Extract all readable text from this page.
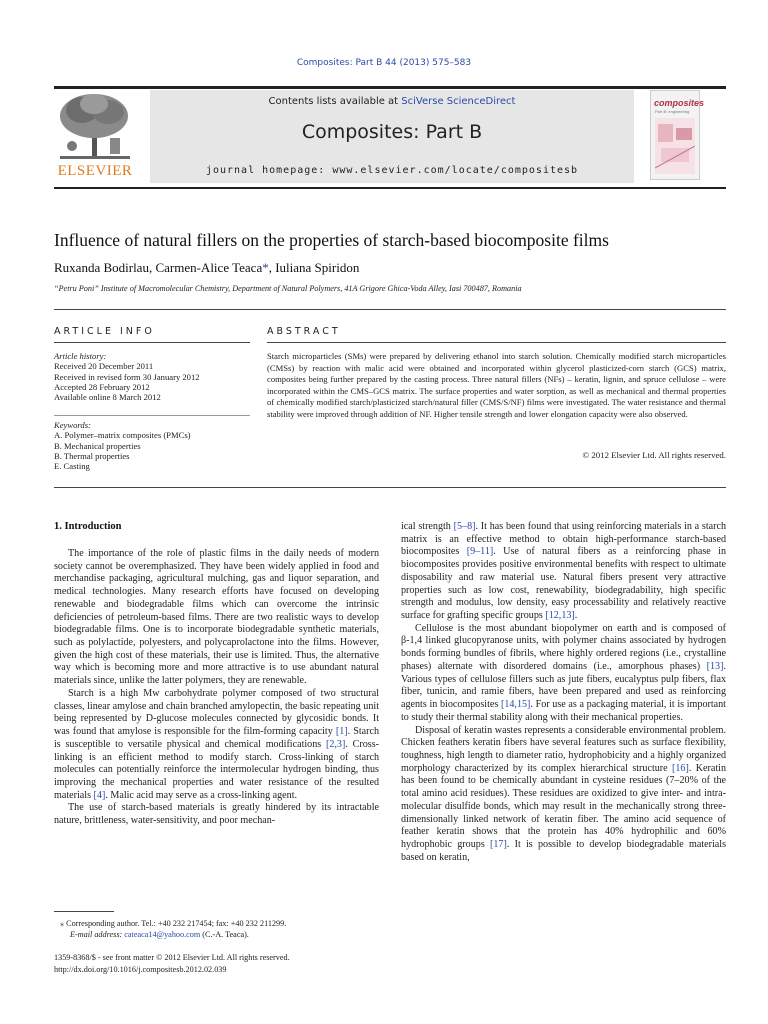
Composites: Part B 44 (2013) 575–583
ELSEVIER
Contents lists available at SciVerse ScienceDirect
Composites: Part B
journal homepage: www.elsevier.com/locate/compositesb
composites
Part B: engineering
Influence of natural fillers on the properties of starch-based biocomposite films
Ruxanda Bodirlau, Carmen-Alice Teaca*, Iuliana Spiridon
“Petru Poni” Institute of Macromolecular Chemistry, Department of Natural Polymers, 41A Grigore Ghica-Voda Alley, Iasi 700487, Romania
ARTICLE INFO
Article history:
Received 20 December 2011
Received in revised form 30 January 2012
Accepted 28 February 2012
Available online 8 March 2012
Keywords:
A. Polymer–matrix composites (PMCs)
B. Mechanical properties
B. Thermal properties
E. Casting
ABSTRACT
Starch microparticles (SMs) were prepared by delivering ethanol into starch solution. Chemically modified starch microparticles (CMSs) by reaction with malic acid were obtained and incorporated within glycerol plasticized-corn starch (GCS) matrix, composites being further prepared by the casting process. Three natural fillers (NFs) – keratin, lignin, and spruce cellulose – were incorporated within the CMS–GCS matrix. The surface properties and water sorption, as well as mechanical and thermal properties of chemically modified starch/plasticized starch/natural filler (CMS/S/NF) films were investigated. The water resistance and thermal stability were improved through addition of NF. Higher tensile strength and lower elongation capacity were also observed.
© 2012 Elsevier Ltd. All rights reserved.
1. Introduction

The importance of the role of plastic films in the daily needs of modern society cannot be overemphasized. They have been widely applied in food and merchandise packaging, agricultural mulching, gas and liquor separation, and medical technologies. Many research efforts have focused on developing renewable and biodegradable films which can overcome the intrinsic deficiencies of petroleum-based films. There are two realistic ways to develop biodegradable films. One is to incorporate biodegradable synthetic materials, such as polylactide, polyesters, and polycaprolactone into the films. However, given the high cost of these materials, their use is limited. Thus, the alternative way which is becoming more and more attractive is to use abundant natural materials since, unlike the latter polymers, they are renewable.

Starch is a high Mw carbohydrate polymer composed of two structural classes, linear amylose and chain branched amylopectin, the basic repeating unit being represented by D-glucose molecules connected by glycosidic bonds. It was found that amylose is responsible for the film-forming capacity [1]. Starch is susceptible to versatile physical and chemical modifications [2,3]. Cross-linking is an efficient method to modify starch. Cross-linking of starch molecules can potentially reinforce the intermolecular hydrogen binding, thus improving the mechanical properties and water resistance of the resulted materials [4]. Malic acid may serve as a cross-linking agent.

The use of starch-based materials is greatly hindered by its intractable nature, brittleness, water-sensitivity, and poor mechan-

ical strength [5–8]. It has been found that using reinforcing materials in a starch matrix is an effective method to obtain high-performance starch-based biocomposites [9–11]. Use of natural fibers as a reinforcing phase in biocomposites provides positive environmental benefits with respect to ultimate disposability and raw material use. Natural fibers present very attractive properties such as low cost, renewability, biodegradability, high specific strength and modulus, low density, easy processability and relatively reactive surface for grafting specific groups [12,13].

Cellulose is the most abundant biopolymer on earth and is composed of β-1,4 linked glucopyranose units, with polymer chains associated by hydrogen bonds forming bundles of fibrils, where highly ordered regions (i.e., crystalline phases) alternate with disordered domains (i.e., amorphous phases) [13]. Various types of cellulose fillers such as jute fibers, eucalyptus pulp fibers, flax fiber, tunicin, and ramie fibers, have been prepared and used as reinforcing agents in biocomposites [14,15]. For use as a packaging material, it is important to study their thermal stability along with their mechanical properties.

Disposal of keratin wastes represents a considerable environmental problem. Chicken feathers keratin fibers have several features such as surface flexibility, toughness, high length to diameter ratio, hydrophobicity and a highly organized morphology characterized by its complex hierarchical structure [16]. Keratin has been found to be chemically abundant in cysteine residues (7–20% of the total amino acid residues). These residues are oxidized to give inter- and intra-molecular disulfide bonds, which may result in the mechanically strong three-dimensionally linked network of keratin fiber. The amino acid sequence of feather keratin shows that the protein has 40% hydrophilic and 60% hydrophobic groups [17]. It is possible to develop biodegradable materials based on keratin,

⁎ Corresponding author. Tel.: +40 232 217454; fax: +40 232 211299.
E-mail address: cateaca14@yahoo.com (C.-A. Teaca).
1359-8368/$ - see front matter © 2012 Elsevier Ltd. All rights reserved.
http://dx.doi.org/10.1016/j.compositesb.2012.02.039
